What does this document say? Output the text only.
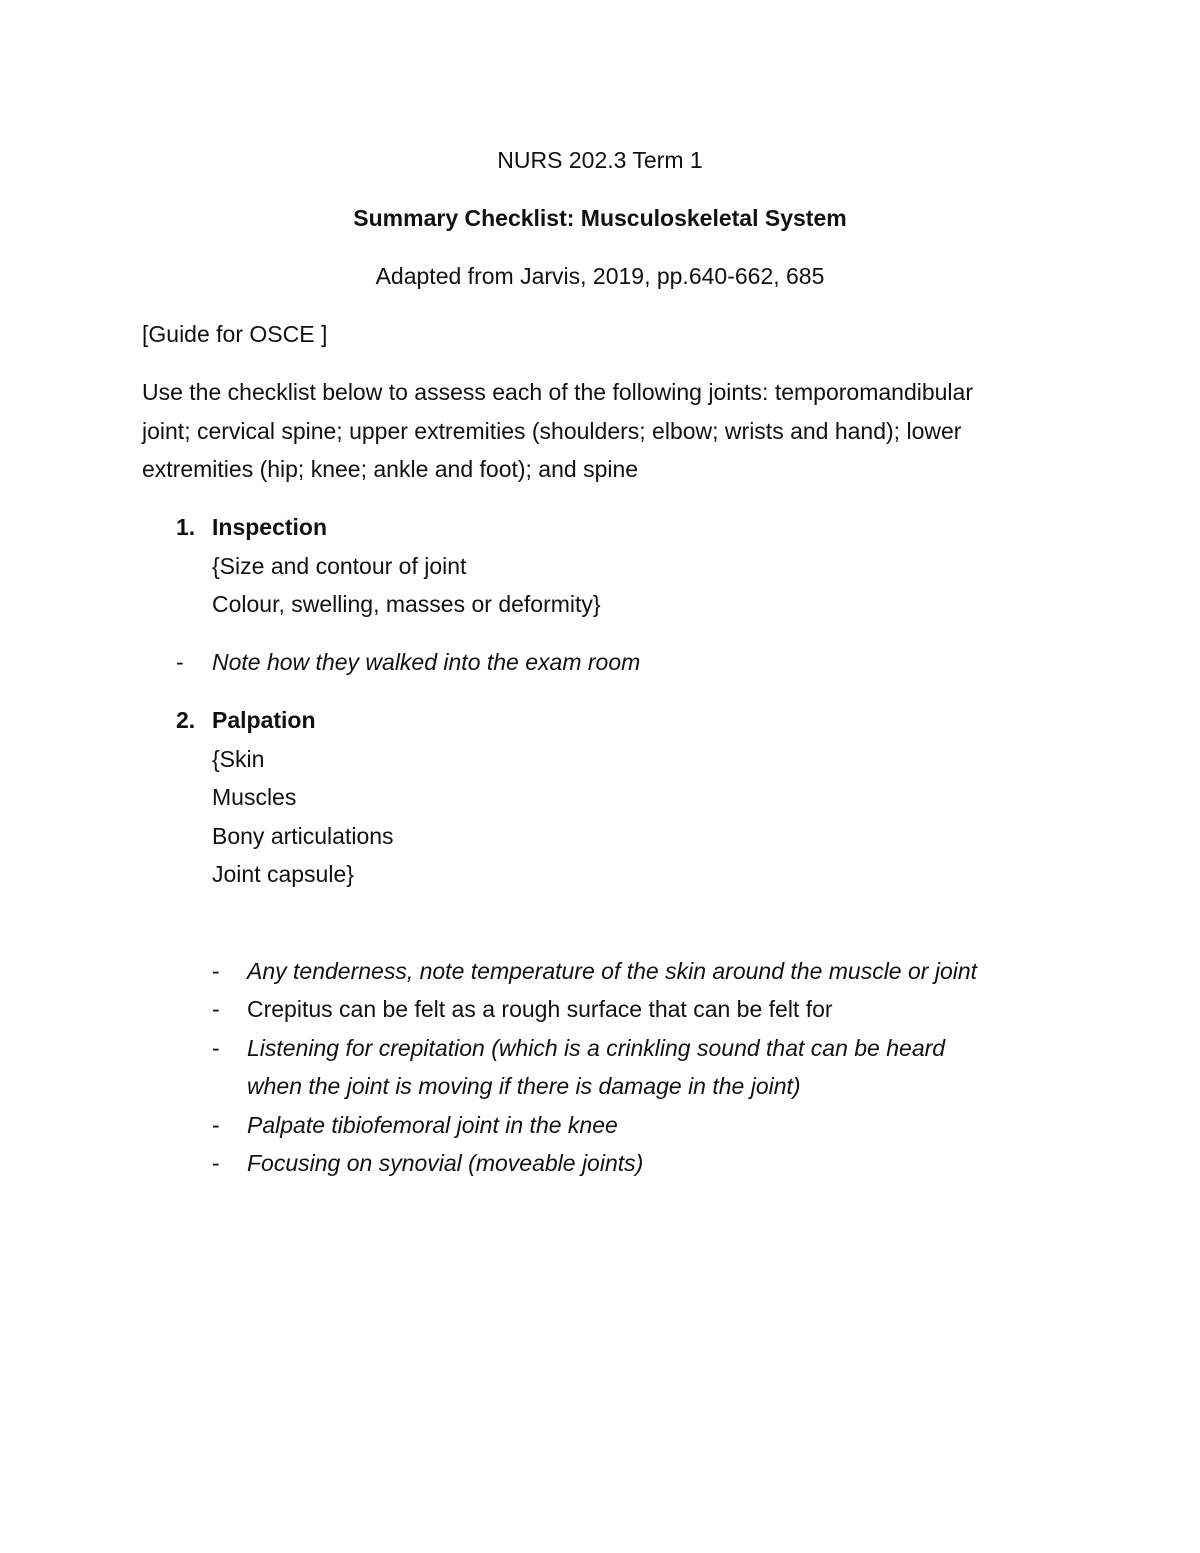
NURS 202.3 Term 1
Summary Checklist: Musculoskeletal System
Adapted from Jarvis, 2019, pp.640-662, 685
[Guide for OSCE ]
Use the checklist below to assess each of the following joints: temporomandibular
joint; cervical spine; upper extremities (shoulders; elbow; wrists and hand); lower
extremities (hip; knee; ankle and foot); and spine
1. Inspection
{Size and contour of joint
Colour, swelling, masses or deformity}
- Note how they walked into the exam room
2. Palpation
{Skin
Muscles
Bony articulations
Joint capsule}
- Any tenderness, note temperature of the skin around the muscle or joint
- Crepitus can be felt as a rough surface that can be felt for
- Listening for crepitation (which is a crinkling sound that can be heard
when the joint is moving if there is damage in the joint)
- Palpate tibiofemoral joint in the knee
- Focusing on synovial (moveable joints)
